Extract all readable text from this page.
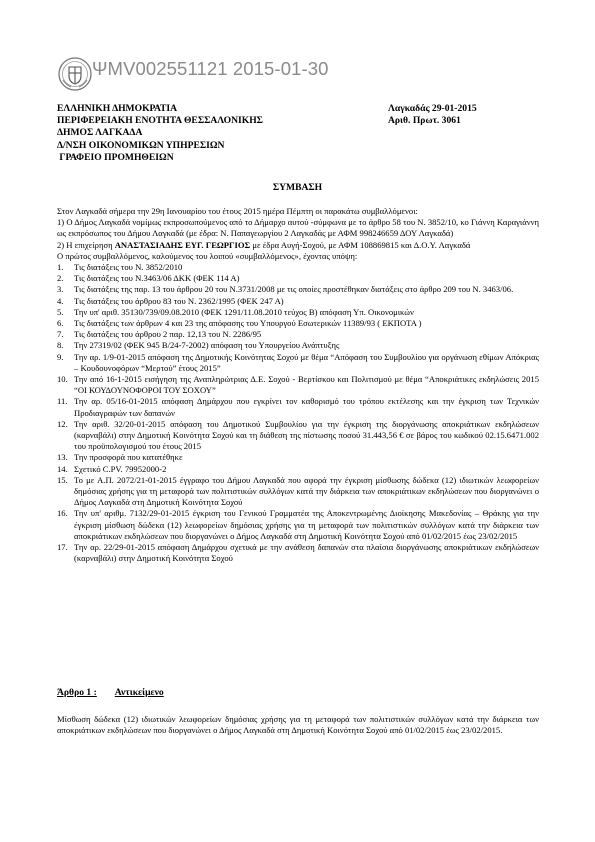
ΨΜV002551121 2015-01-30
ΕΛΛΗΝΙΚΗ ΔΗΜΟΚΡΑΤΙΑ
ΠΕΡΙΦΕΡΕΙΑΚΗ ΕΝΟΤΗΤΑ ΘΕΣΣΑΛΟΝΙΚΗΣ
ΔΗΜΟΣ ΛΑΓΚΑΔΑ
Δ/ΝΣΗ ΟΙΚΟΝΟΜΙΚΩΝ ΥΠΗΡΕΣΙΩΝ
ΓΡΑΦΕΙΟ ΠΡΟΜΗΘΕΙΩΝ
Λαγκαδάς 29-01-2015
Αριθ. Πρωτ. 3061
ΣΥΜΒΑΣΗ

Στον Λαγκαδά σήμερα την 29η Ιανουαρίου του έτους 2015 ημέρα Πέμπτη οι παρακάτω συμβαλλόμενοι:

1) Ο Δήμος Λαγκαδά νομίμως εκπροσωπούμενος από το Δήμαρχο αυτού -σύμφωνα με το άρθρο 58 του Ν. 3852/10, κο Γιάννη Καραγιάννη ως εκπρόσωπος του Δήμου Λαγκαδά (με έδρα: Ν. Παπαγεωργίου 2 Λαγκαδάς με ΑΦΜ 998246659 ΔΟΥ Λαγκαδά)

2) Η επιχείρηση ΑΝΑΣΤΑΣΙΑΔΗΣ ΕΥΓ. ΓΕΩΡΓΙΟΣ με έδρα Αυγή-Σοχού, με ΑΦΜ 108869815 και Δ.Ο.Υ. Λαγκαδά

Ο πρώτος συμβαλλόμενος, καλούμενος του λοιπού «συμβαλλόμενος», έχοντας υπόψη:

1. Τις διατάξεις του Ν. 3852/2010
2. Τις διατάξεις του Ν.3463/06 ΔΚΚ (ΦΕΚ 114 Α)
3. Τις διατάξεις της παρ. 13 του άρθρου 20 του Ν.3731/2008 με τις οποίες προστέθηκαν διατάξεις στο άρθρο 209 του Ν. 3463/06.
4. Τις διατάξεις του άρθρου 83 του Ν. 2362/1995 (ΦΕΚ 247 Α)
5. Την υπ' αριθ. 35130/739/09.08.2010 (ΦΕΚ 1291/11.08.2010 τεύχος Β) απόφαση Υπ. Οικονομικών
6. Τις διατάξεις των άρθρων 4 και 23 της απόφασης του Υπουργού Εσωτερικών 11389/93 ( ΕΚΠΟΤΑ )
7. Τις διατάξεις του άρθρου 2 παρ. 12,13 του Ν. 2286/95
8. Την 27319/02 (ΦΕΚ 945 Β/24-7-2002) απόφαση του Υπουργείου Ανάπτυξης
9. Την αρ. 1/9-01-2015 απόφαση της Δημοτικής Κοινότητας Σοχού με θέμα “Απόφαση του Συμβουλίου για οργάνωση εθίμων Απόκριας – Κουδουνοφόρων “Μερτού” έτους 2015”
10. Την από 16-1-2015 εισήγηση της Αναπληρώτριας Δ.Ε. Σοχού - Βερτίσκου και Πολιτισμού με θέμα “Αποκριάτικες εκδηλώσεις 2015 “ΟΙ ΚΟΥΔΟΥΝΟΦΟΡΟΙ ΤΟΥ ΣΟΧΟΥ”
11. Την αρ. 05/16-01-2015 απόφαση Δημάρχου που εγκρίνει τον καθορισμό του τρόπου εκτέλεσης και την έγκριση των Τεχνικών Προδιαγραφών των δαπανών
12. Την αριθ. 32/20-01-2015 απόφαση του Δημοτικού Συμβουλίου για την έγκριση της διοργάνωσης αποκριάτικων εκδηλώσεων (καρναβάλι) στην Δημοτική Κοινότητα Σοχού και τη διάθεση της πίστωσης ποσού 31.443,56 € σε βάρος του κωδικού 02.15.6471.002 του προϋπολογισμού του έτους 2015
13. Την προσφορά που κατατέθηκε
14. Σχετικό C.PV. 79952000-2
15. Το με Α.Π. 2072/21-01-2015 έγγραφο του Δήμου Λαγκαδά που αφορά την έγκριση μίσθωσης δώδεκα (12) ιδιωτικών λεωφορείων δημόσιας χρήσης για τη μεταφορά των πολιτιστικών συλλόγων κατά την διάρκεια των αποκριάτικων εκδηλώσεων που διοργανώνει ο Δήμος Λαγκαδά στη Δημοτική Κοινότητα Σοχού
16. Την υπ' αριθμ. 7132/29-01-2015 έγκριση του Γενικού Γραμματέα της Αποκεντρωμένης Διοίκησης Μακεδονίας – Θράκης για την έγκριση μίσθωση δώδεκα (12) λεωφορείων δημόσιας χρήσης για τη μεταφορά των πολιτιστικών συλλόγων κατά την διάρκεια των αποκριάτικων εκδηλώσεων που διοργανώνει ο Δήμος Λαγκαδά στη Δημοτική Κοινότητα Σοχού από 01/02/2015 έως 23/02/2015
17. Την αρ. 22/29-01-2015 απόφαση Δημάρχου σχετικά με την ανάθεση δαπανών στα πλαίσια διοργάνωσης αποκριάτικων εκδηλώσεων (καρναβάλι) στην Δημοτική Κοινότητα Σοχού
Άρθρο 1 : Αντικείμενο
Μίσθωση δώδεκα (12) ιδιωτικών λεωφορείων δημόσιας χρήσης για τη μεταφορά των πολιτιστικών συλλόγων κατά την διάρκεια των αποκριάτικων εκδηλώσεων που διοργανώνει ο Δήμος Λαγκαδά στη Δημοτική Κοινότητα Σοχού από 01/02/2015 έως 23/02/2015.
